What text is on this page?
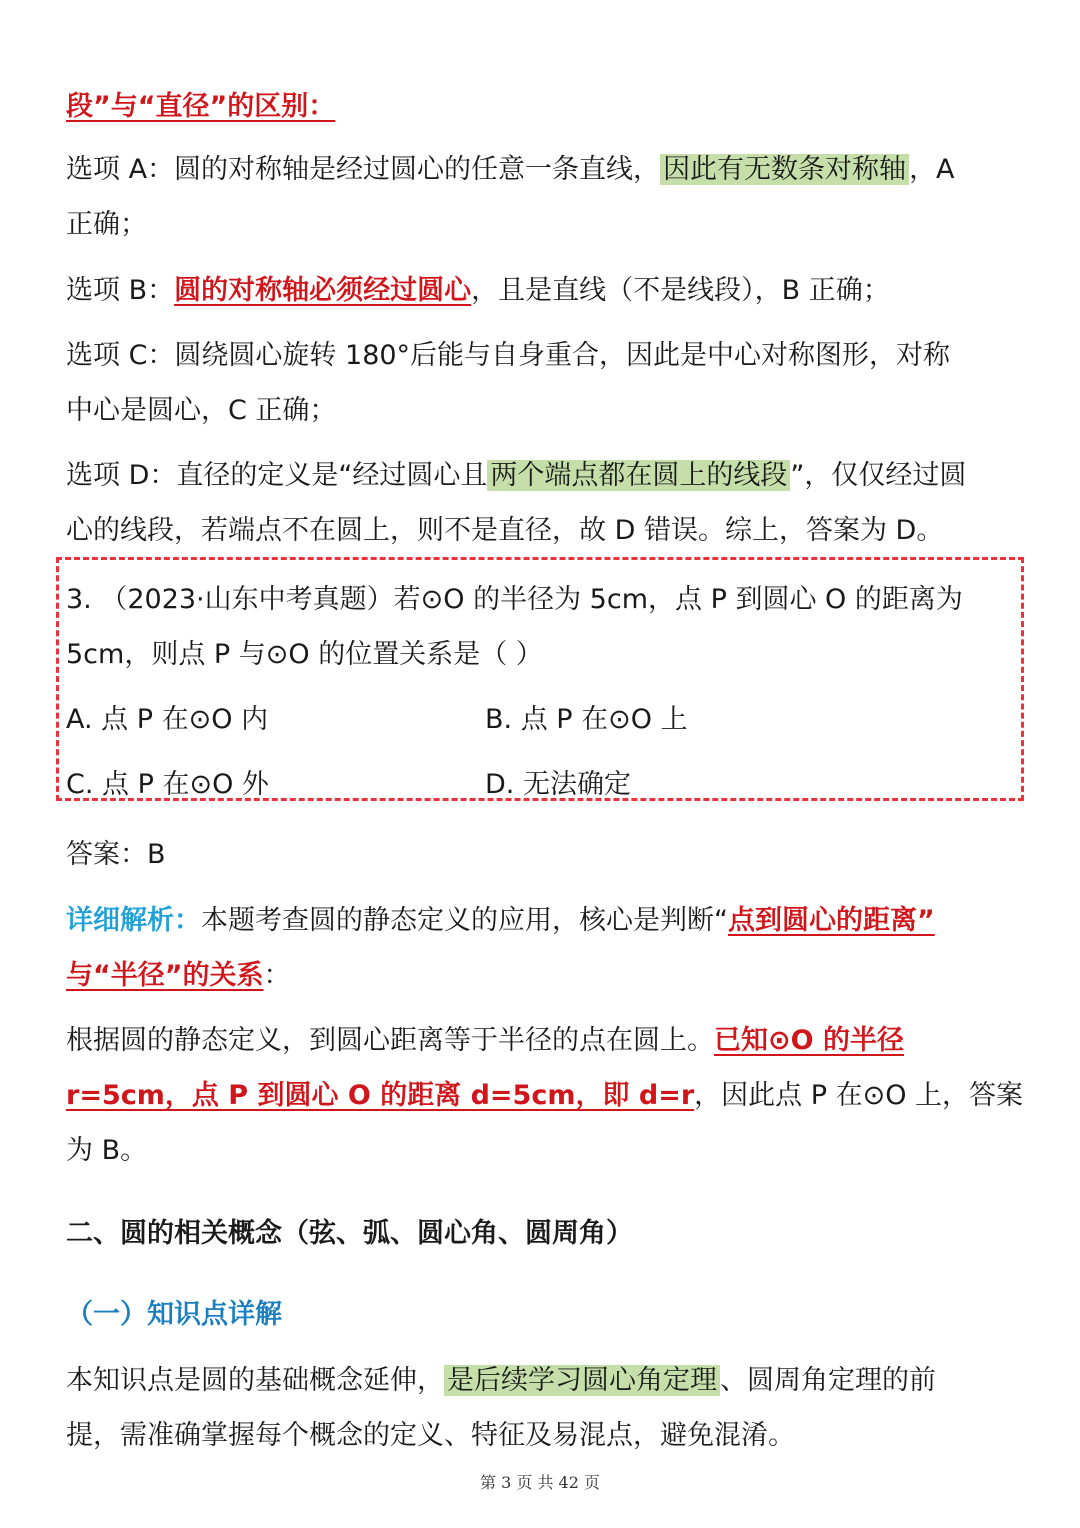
段”与“直径”的区别：
选项 A：圆的对称轴是经过圆心的任意一条直线， 因此有无数条对称轴 ，A
正确；
选项 B：圆的对称轴必须经过圆心，且是直线（不是线段），B 正确；
选项 C：圆绕圆心旋转 180°后能与自身重合，因此是中心对称图形，对称
中心是圆心，C 正确；
选项 D：直径的定义是“经过圆心且 两个端点都在圆上的线段 ”，仅仅经过圆
心的线段，若端点不在圆上，则不是直径，故 D 错误。综上，答案为 D。
3. （2023·山东中考真题）若⊙O 的半径为 5cm，点 P 到圆心 O 的距离为
5cm，则点 P 与⊙O 的位置关系是（ ）
A. 点 P 在⊙O 内	B. 点 P 在⊙O 上
C. 点 P 在⊙O 外	D. 无法确定
答案：B
详细解析：本题考查圆的静态定义的应用，核心是判断“点到圆心的距离”
与“半径”的关系：
根据圆的静态定义，到圆心距离等于半径的点在圆上。已知⊙O 的半径
r=5cm，点 P 到圆心 O 的距离 d=5cm，即 d=r，因此点 P 在⊙O 上，答案
为 B。
二、圆的相关概念（弦、弧、圆心角、圆周角）
（一）知识点详解
本知识点是圆的基础概念延伸， 是后续学习圆心角定理 、圆周角定理的前
提，需准确掌握每个概念的定义、特征及易混点，避免混淆。
第 3 页 共 42 页
